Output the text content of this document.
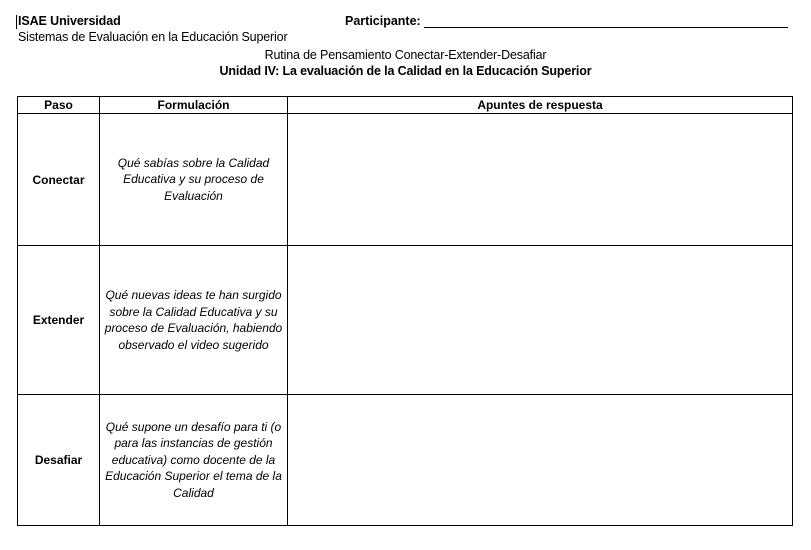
ISAE Universidad
Sistemas de Evaluación en la Educación Superior
Participante:
Rutina de Pensamiento Conectar-Extender-Desafiar
Unidad IV: La evaluación de la Calidad en la Educación Superior
Paso	Formulación	Apuntes de respuesta
Conectar	Qué sabías sobre la Calidad Educativa y su proceso de Evaluación	
Extender	Qué nuevas ideas te han surgido sobre la Calidad Educativa y su proceso de Evaluación, habiendo observado el video sugerido	
Desafiar	Qué supone un desafío para ti (o para las instancias de gestión educativa) como docente de la Educación Superior el tema de la Calidad	
